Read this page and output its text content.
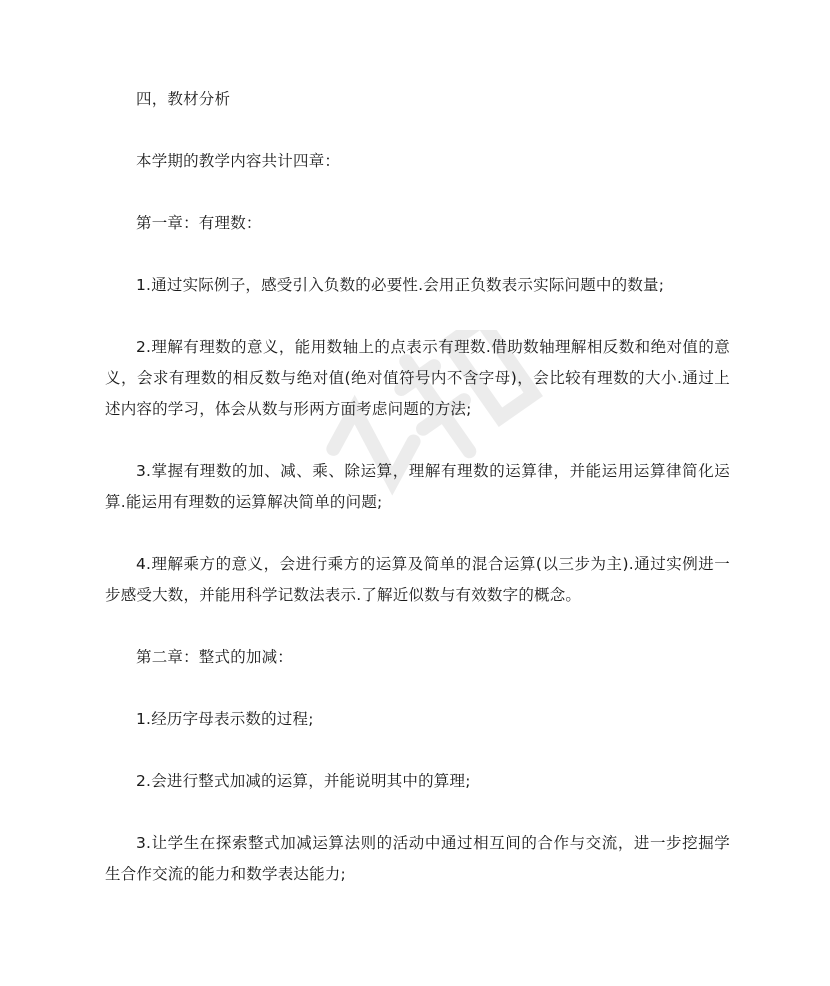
四，教材分析

本学期的教学内容共计四章：

第一章：有理数：

1.通过实际例子，感受引入负数的必要性.会用正负数表示实际问题中的数量;

2.理解有理数的意义，能用数轴上的点表示有理数.借助数轴理解相反数和绝对值的意义，会求有理数的相反数与绝对值(绝对值符号内不含字母)，会比较有理数的大小.通过上述内容的学习，体会从数与形两方面考虑问题的方法;

3.掌握有理数的加、减、乘、除运算，理解有理数的运算律，并能运用运算律简化运算.能运用有理数的运算解决简单的问题;

4.理解乘方的意义，会进行乘方的运算及简单的混合运算(以三步为主).通过实例进一步感受大数，并能用科学记数法表示.了解近似数与有效数字的概念。

第二章：整式的加减：

1.经历字母表示数的过程;

2.会进行整式加减的运算，并能说明其中的算理;

3.让学生在探索整式加减运算法则的活动中通过相互间的合作与交流，进一步挖掘学生合作交流的能力和数学表达能力;
